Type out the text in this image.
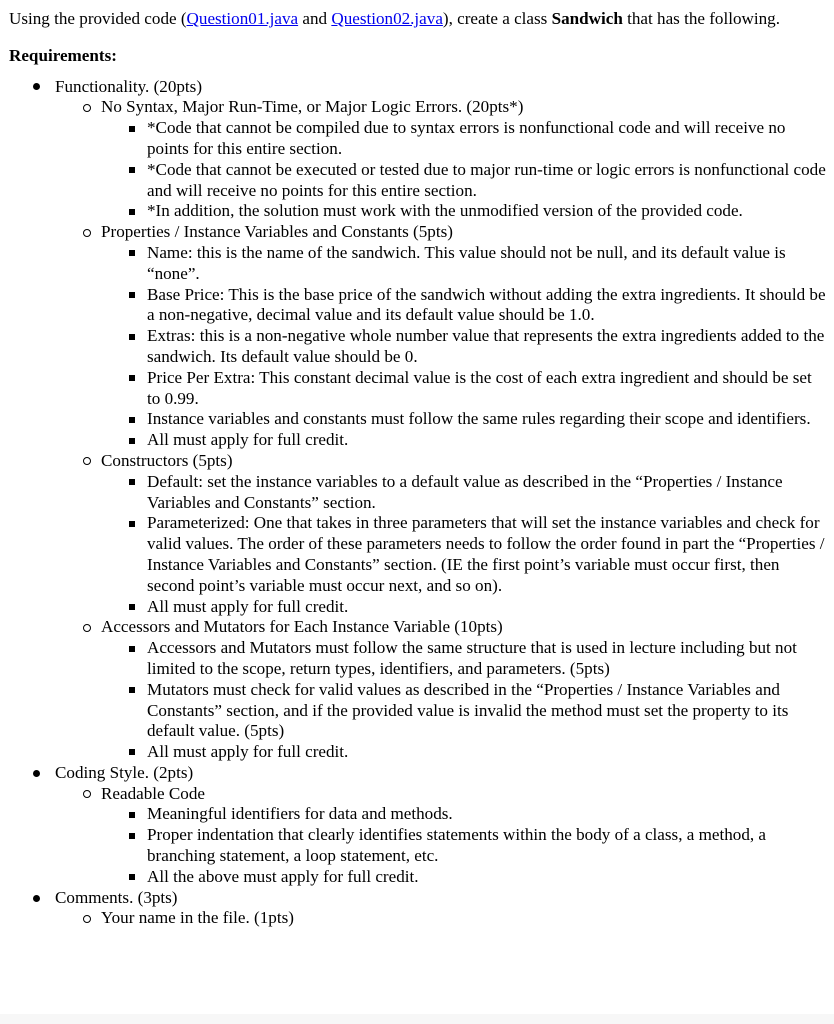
Using the provided code (Question01.java and Question02.java), create a class Sandwich that has the following.

Requirements:
Functionality. (20pts)
No Syntax, Major Run-Time, or Major Logic Errors. (20pts*)
*Code that cannot be compiled due to syntax errors is nonfunctional code and will receive no points for this entire section.
*Code that cannot be executed or tested due to major run-time or logic errors is nonfunctional code and will receive no points for this entire section.
*In addition, the solution must work with the unmodified version of the provided code.
Properties / Instance Variables and Constants (5pts)
Name: this is the name of the sandwich. This value should not be null, and its default value is “none”.
Base Price: This is the base price of the sandwich without adding the extra ingredients. It should be a non-negative, decimal value and its default value should be 1.0.
Extras: this is a non-negative whole number value that represents the extra ingredients added to the sandwich. Its default value should be 0.
Price Per Extra: This constant decimal value is the cost of each extra ingredient and should be set to 0.99.
Instance variables and constants must follow the same rules regarding their scope and identifiers.
All must apply for full credit.
Constructors (5pts)
Default: set the instance variables to a default value as described in the “Properties / Instance Variables and Constants” section.
Parameterized: One that takes in three parameters that will set the instance variables and check for valid values. The order of these parameters needs to follow the order found in part the “Properties / Instance Variables and Constants” section. (IE the first point’s variable must occur first, then second point’s variable must occur next, and so on).
All must apply for full credit.
Accessors and Mutators for Each Instance Variable (10pts)
Accessors and Mutators must follow the same structure that is used in lecture including but not limited to the scope, return types, identifiers, and parameters. (5pts)
Mutators must check for valid values as described in the “Properties / Instance Variables and Constants” section, and if the provided value is invalid the method must set the property to its default value. (5pts)
All must apply for full credit.
Coding Style. (2pts)
Readable Code
Meaningful identifiers for data and methods.
Proper indentation that clearly identifies statements within the body of a class, a method, a branching statement, a loop statement, etc.
All the above must apply for full credit.
Comments. (3pts)
Your name in the file. (1pts)
